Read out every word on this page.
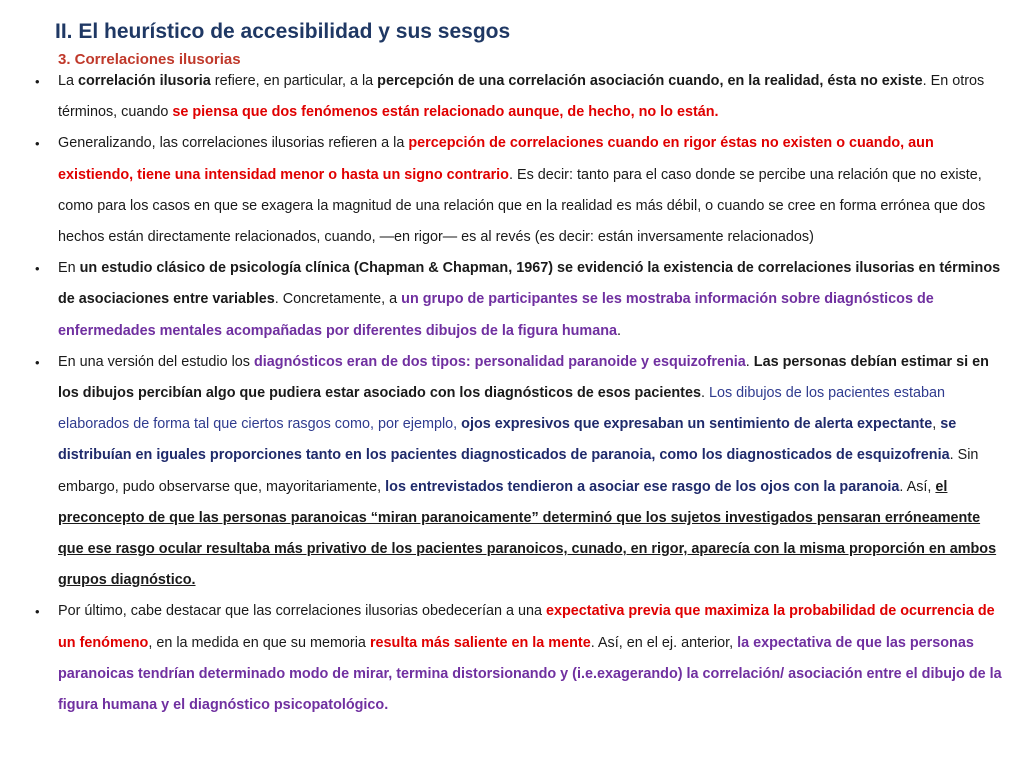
II. El heurístico de accesibilidad y sus sesgos
3. Correlaciones ilusorias
• La correlación ilusoria refiere, en particular, a la percepción de una correlación asociación cuando, en la realidad, ésta no existe. En otros términos, cuando se piensa que dos fenómenos están relacionado aunque, de hecho, no lo están.
• Generalizando, las correlaciones ilusorias refieren a la percepción de correlaciones cuando en rigor éstas no existen o cuando, aun existiendo, tiene una intensidad menor o hasta un signo contrario. Es decir: tanto para el caso donde se percibe una relación que no existe, como para los casos en que se exagera la magnitud de una relación que en la realidad es más débil, o cuando se cree en forma errónea que dos hechos están directamente relacionados, cuando, —en rigor— es al revés (es decir: están inversamente relacionados)
• En un estudio clásico de psicología clínica (Chapman & Chapman, 1967) se evidenció la existencia de correlaciones ilusorias en términos de asociaciones entre variables. Concretamente, a un grupo de participantes se les mostraba información sobre diagnósticos de enfermedades mentales acompañadas por diferentes dibujos de la figura humana.
• En una versión del estudio los diagnósticos eran de dos tipos: personalidad paranoide y esquizofrenia. Las personas debían estimar si en los dibujos percibían algo que pudiera estar asociado con los diagnósticos de esos pacientes. Los dibujos de los pacientes estaban elaborados de forma tal que ciertos rasgos como, por ejemplo, ojos expresivos que expresaban un sentimiento de alerta expectante, se distribuían en iguales proporciones tanto en los pacientes diagnosticados de paranoia, como los diagnosticados de esquizofrenia. Sin embargo, pudo observarse que, mayoritariamente, los entrevistados tendieron a asociar ese rasgo de los ojos con la paranoia. Así, el preconcepto de que las personas paranoicas “miran paranoicamente” determinó que los sujetos investigados pensaran erróneamente que ese rasgo ocular resultaba más privativo de los pacientes paranoicos, cunado, en rigor, aparecía con la misma proporción en ambos grupos diagnóstico.
• Por último, cabe destacar que las correlaciones ilusorias obedecerían a una expectativa previa que maximiza la probabilidad de ocurrencia de un fenómeno, en la medida en que su memoria resulta más saliente en la mente. Así, en el ej. anterior, la expectativa de que las personas paranoicas tendrían determinado modo de mirar, termina distorsionando y (i.e.exagerando) la correlación/ asociación entre el dibujo de la figura humana y el diagnóstico psicopatológico.
